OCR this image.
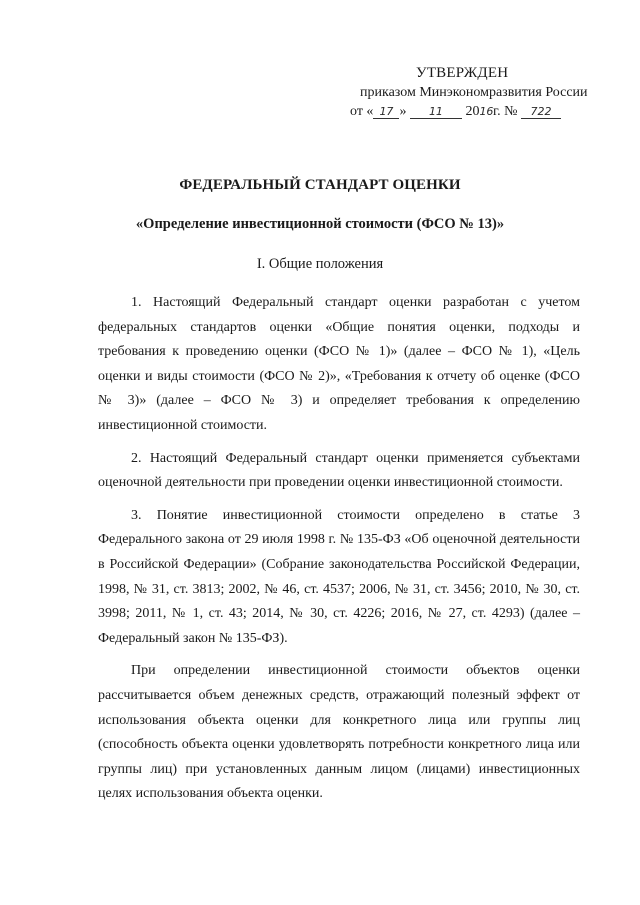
УТВЕРЖДЕН
приказом Минэкономразвития России
от « 17 » 11 2016 г. № 722
ФЕДЕРАЛЬНЫЙ СТАНДАРТ ОЦЕНКИ
«Определение инвестиционной стоимости (ФСО № 13)»
I. Общие положения

1. Настоящий Федеральный стандарт оценки разработан с учетом федеральных стандартов оценки «Общие понятия оценки, подходы и требования к проведению оценки (ФСО № 1)» (далее – ФСО № 1), «Цель оценки и виды стоимости (ФСО № 2)», «Требования к отчету об оценке (ФСО № 3)» (далее – ФСО № 3) и определяет требования к определению инвестиционной стоимости.

2. Настоящий Федеральный стандарт оценки применяется субъектами оценочной деятельности при проведении оценки инвестиционной стоимости.

3. Понятие инвестиционной стоимости определено в статье 3 Федерального закона от 29 июля 1998 г. № 135-ФЗ «Об оценочной деятельности в Российской Федерации» (Собрание законодательства Российской Федерации, 1998, № 31, ст. 3813; 2002, № 46, ст. 4537; 2006, № 31, ст. 3456; 2010, № 30, ст. 3998; 2011, № 1, ст. 43; 2014, № 30, ст. 4226; 2016, № 27, ст. 4293) (далее – Федеральный закон № 135-ФЗ).

При определении инвестиционной стоимости объектов оценки рассчитывается объем денежных средств, отражающий полезный эффект от использования объекта оценки для конкретного лица или группы лиц (способность объекта оценки удовлетворять потребности конкретного лица или группы лиц) при установленных данным лицом (лицами) инвестиционных целях использования объекта оценки.
